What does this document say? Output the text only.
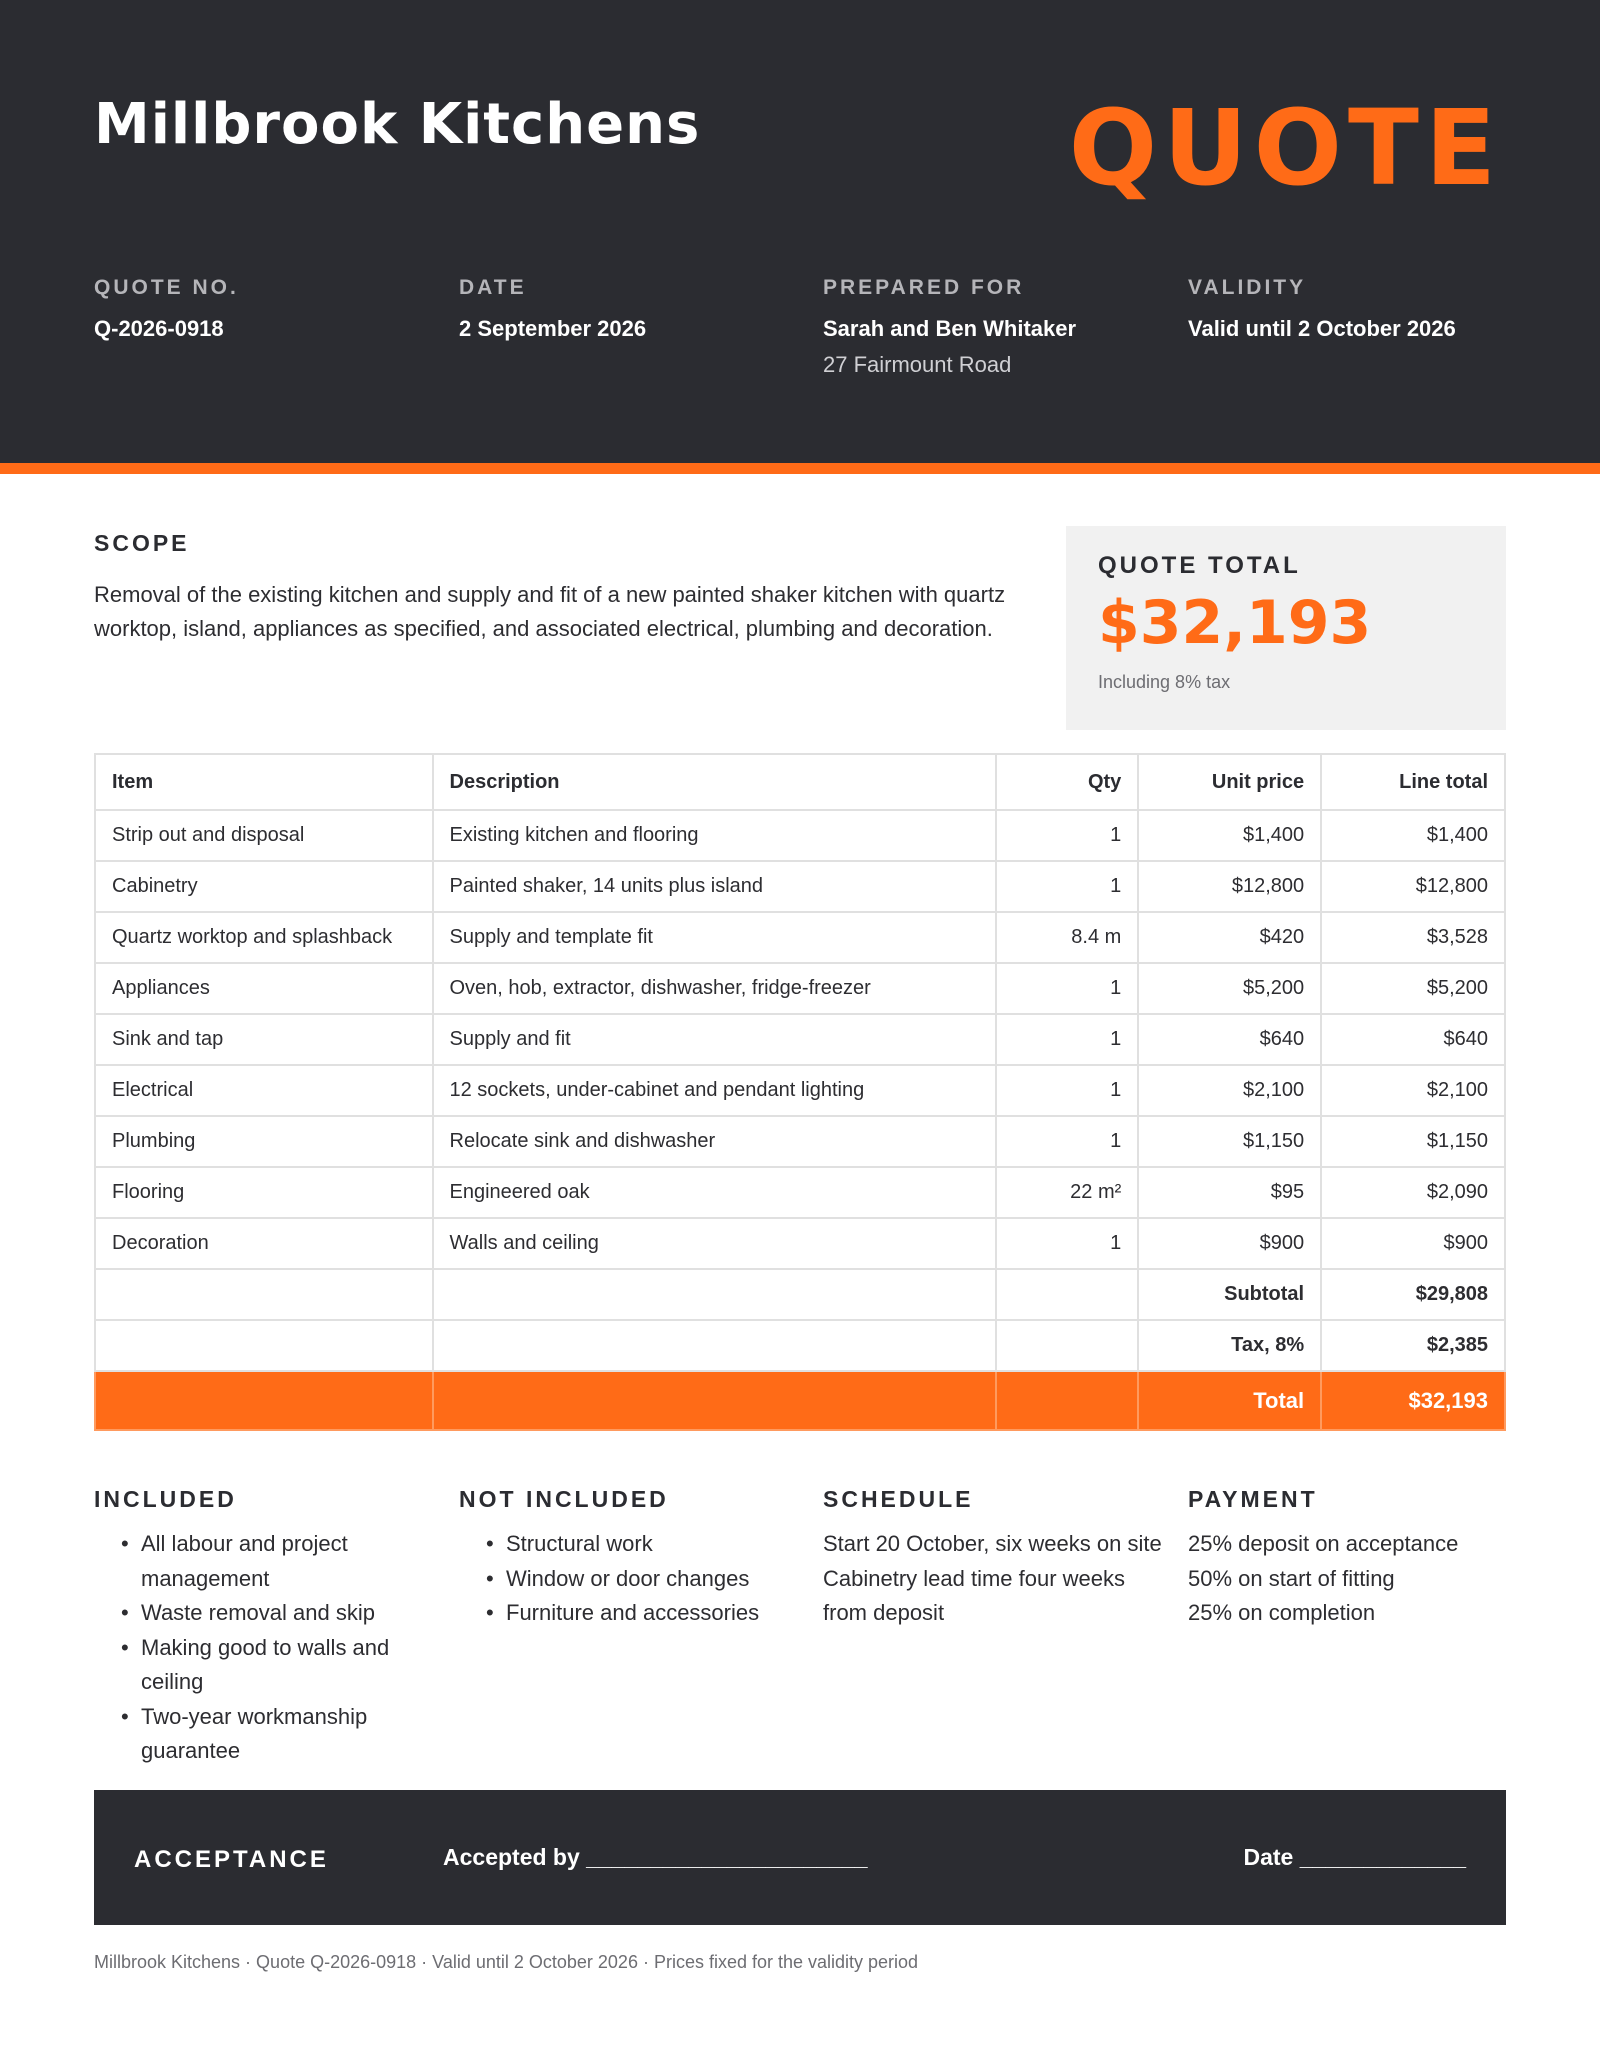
Millbrook Kitchens	QUOTE
QUOTE NO.
Q-2026-0918
DATE
2 September 2026
PREPARED FOR
Sarah and Ben Whitaker
27 Fairmount Road
VALIDITY
Valid until 2 October 2026
SCOPE
Removal of the existing kitchen and supply and fit of a new painted shaker kitchen with quartz worktop, island, appliances as specified, and associated electrical, plumbing and decoration.
QUOTE TOTAL
$32,193
Including 8% tax
Item	Description	Qty	Unit price	Line total
Strip out and disposal	Existing kitchen and flooring	1	$1,400	$1,400
Cabinetry	Painted shaker, 14 units plus island	1	$12,800	$12,800
Quartz worktop and splashback	Supply and template fit	8.4 m	$420	$3,528
Appliances	Oven, hob, extractor, dishwasher, fridge-freezer	1	$5,200	$5,200
Sink and tap	Supply and fit	1	$640	$640
Electrical	12 sockets, under-cabinet and pendant lighting	1	$2,100	$2,100
Plumbing	Relocate sink and dishwasher	1	$1,150	$1,150
Flooring	Engineered oak	22 m²	$95	$2,090
Decoration	Walls and ceiling	1	$900	$900
			Subtotal	$29,808
			Tax, 8%	$2,385
			Total	$32,193
INCLUDED
• All labour and project management
• Waste removal and skip
• Making good to walls and ceiling
• Two-year workmanship guarantee
NOT INCLUDED
• Structural work
• Window or door changes
• Furniture and accessories
SCHEDULE
Start 20 October, six weeks on site
Cabinetry lead time four weeks from deposit
PAYMENT
25% deposit on acceptance
50% on start of fitting
25% on completion
ACCEPTANCE	Accepted by ______________________	Date _____________
Millbrook Kitchens · Quote Q-2026-0918 · Valid until 2 October 2026 · Prices fixed for the validity period
